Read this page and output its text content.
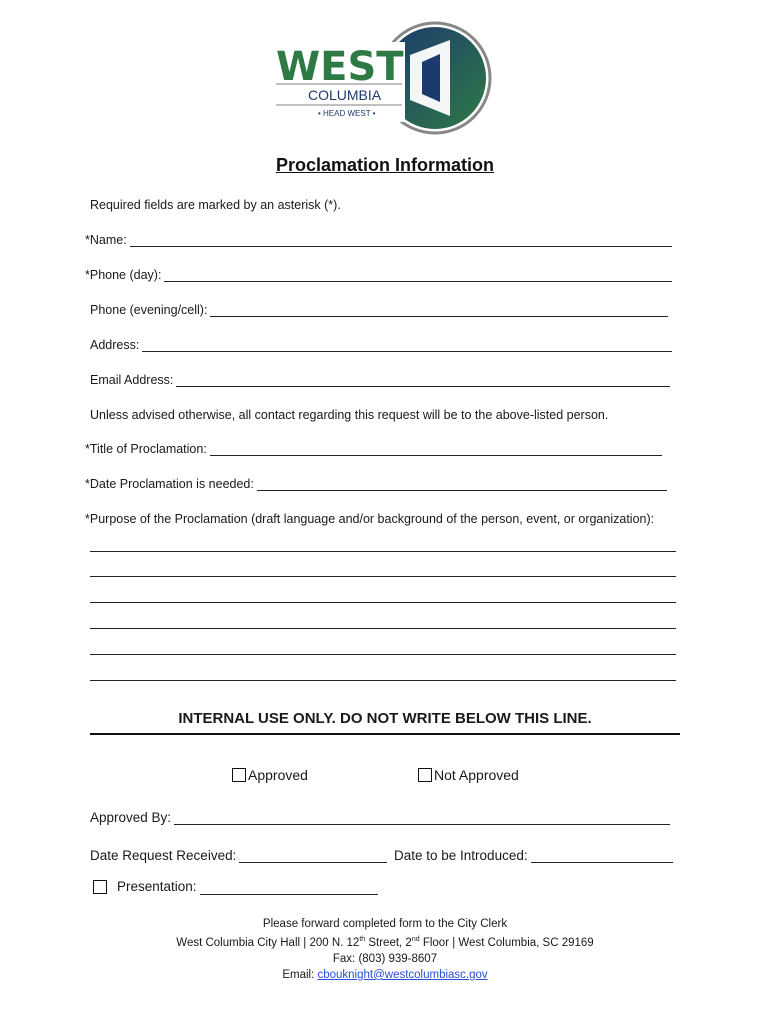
WEST
COLUMBIA
• HEAD WEST •
Proclamation Information
Required fields are marked by an asterisk (*).
*Name:
*Phone (day):
Phone (evening/cell):
Address:
Email Address:
Unless advised otherwise, all contact regarding this request will be to the above-listed person.
*Title of Proclamation:
*Date Proclamation is needed:
*Purpose of the Proclamation (draft language and/or background of the person, event, or organization):
INTERNAL USE ONLY. DO NOT WRITE BELOW THIS LINE.
Approved	Not Approved
Approved By:
Date Request Received:	Date to be Introduced:
Presentation:
Please forward completed form to the City Clerk
West Columbia City Hall | 200 N. 12th Street, 2nd Floor | West Columbia, SC 29169
Fax: (803) 939-8607
Email: cbouknight@westcolumbiasc.gov
